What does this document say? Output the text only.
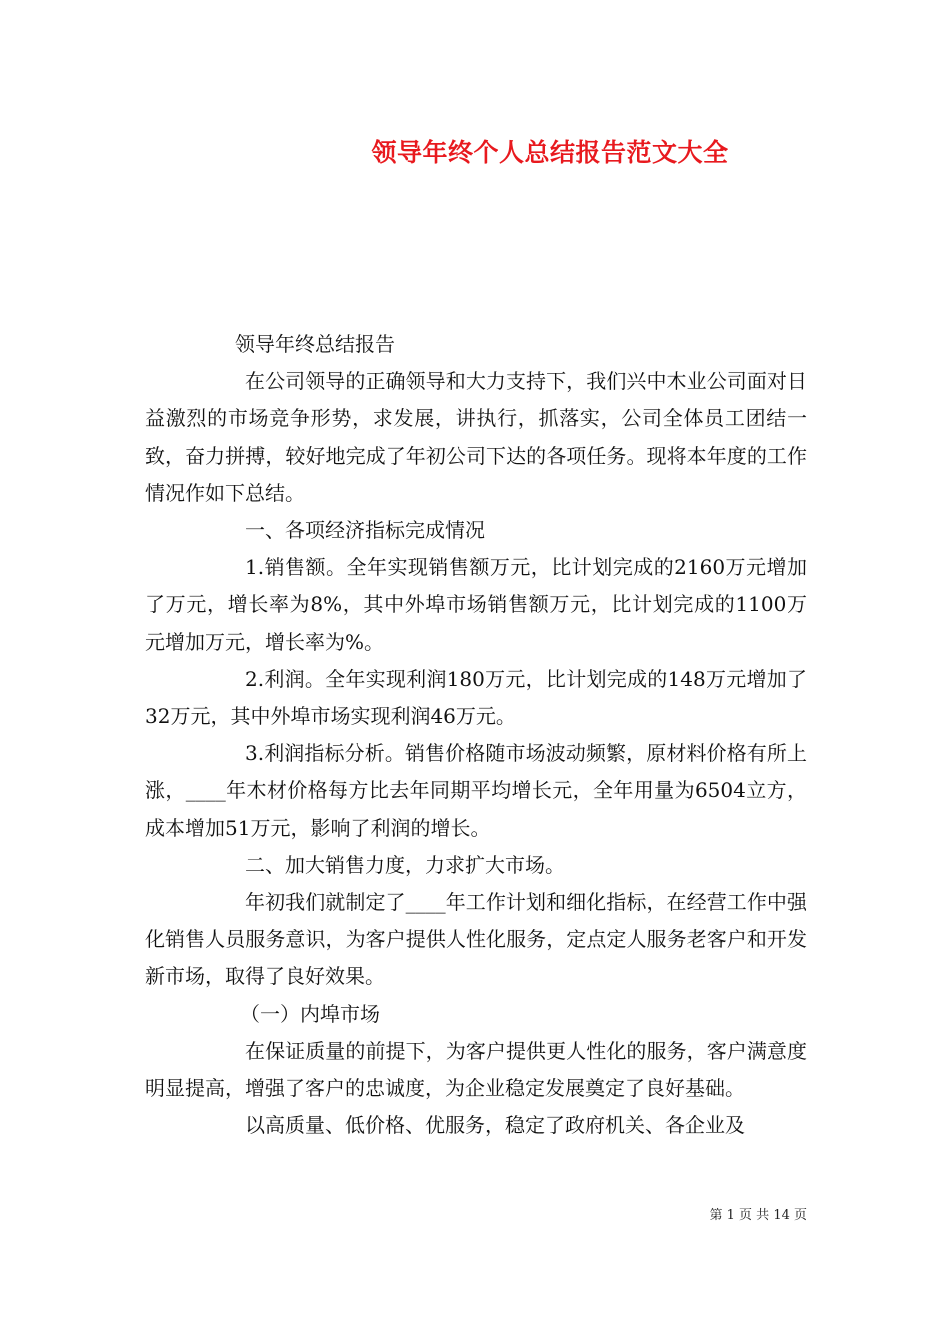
领导年终个人总结报告范文大全

领导年终总结报告

在公司领导的正确领导和大力支持下，我们兴中木业公司面对日益激烈的市场竞争形势，求发展，讲执行，抓落实，公司全体员工团结一致，奋力拼搏，较好地完成了年初公司下达的各项任务。现将本年度的工作情况作如下总结。

一、各项经济指标完成情况

1.销售额。全年实现销售额万元，比计划完成的2160万元增加了万元，增长率为8%，其中外埠市场销售额万元，比计划完成的1100万元增加万元，增长率为%。

2.利润。全年实现利润180万元，比计划完成的148万元增加了32万元，其中外埠市场实现利润46万元。

3.利润指标分析。销售价格随市场波动频繁，原材料价格有所上涨，____年木材价格每方比去年同期平均增长元，全年用量为6504立方，成本增加51万元，影响了利润的增长。

二、加大销售力度，力求扩大市场。

年初我们就制定了____年工作计划和细化指标，在经营工作中强化销售人员服务意识，为客户提供人性化服务，定点定人服务老客户和开发新市场，取得了良好效果。

（一）内埠市场

在保证质量的前提下，为客户提供更人性化的服务，客户满意度明显提高，增强了客户的忠诚度，为企业稳定发展奠定了良好基础。

以高质量、低价格、优服务，稳定了政府机关、各企业及

第 1 页 共 14 页
